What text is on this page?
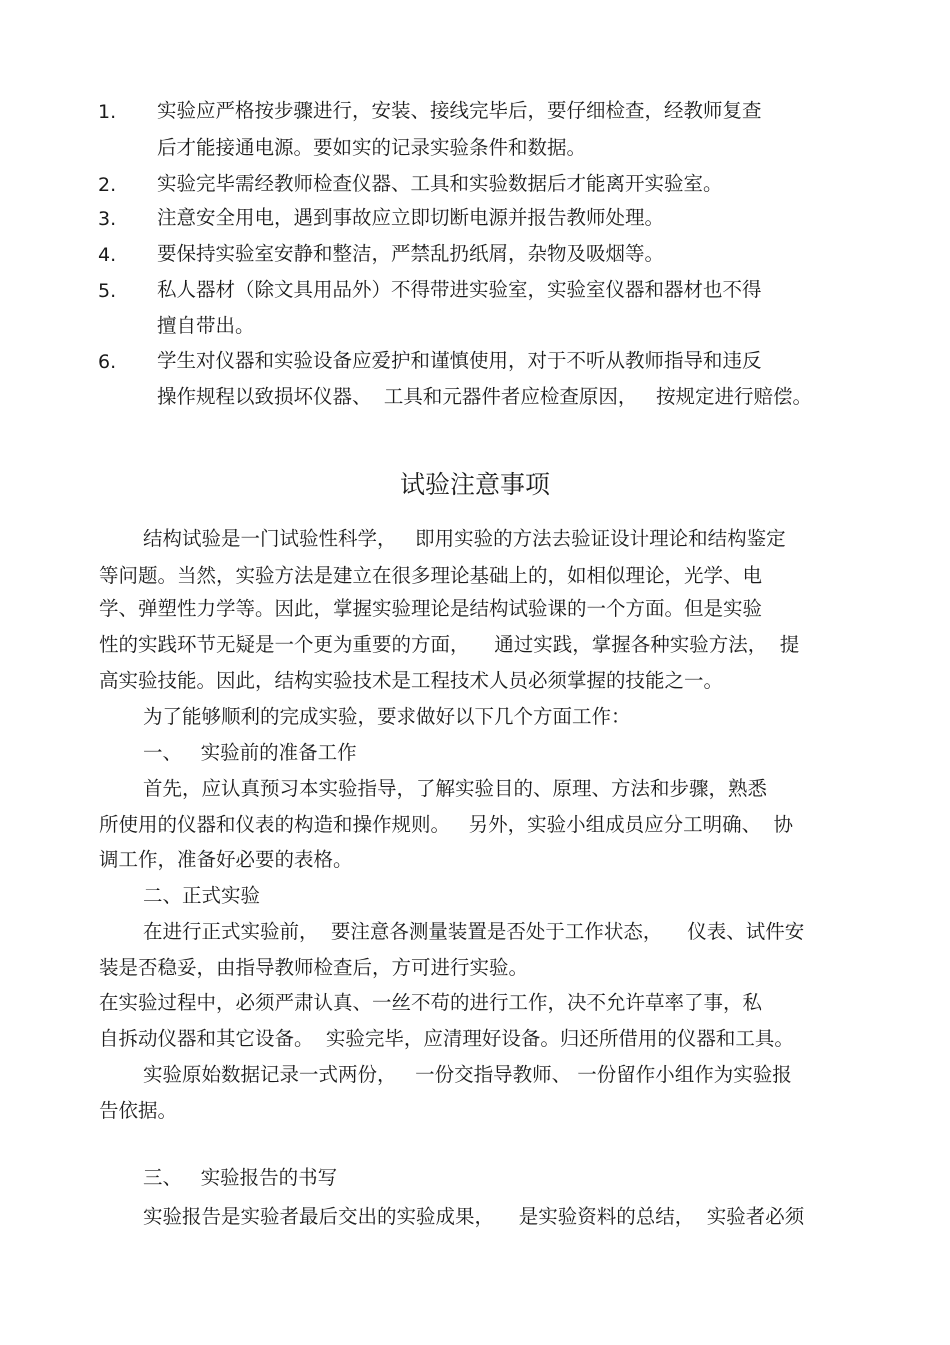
1. 实验应严格按步骤进行，安装、接线完毕后，要仔细检查，经教师复查
后才能接通电源。要如实的记录实验条件和数据。
2. 实验完毕需经教师检查仪器、工具和实验数据后才能离开实验室。
3. 注意安全用电，遇到事故应立即切断电源并报告教师处理。
4. 要保持实验室安静和整洁，严禁乱扔纸屑，杂物及吸烟等。
5. 私人器材（除文具用品外）不得带进实验室，实验室仪器和器材也不得
擅自带出。
6. 学生对仪器和实验设备应爱护和谨慎使用，对于不听从教师指导和违反
操作规程以致损坏仪器、  工具和元器件者应检查原因，   按规定进行赔偿。
试验注意事项
结构试验是一门试验性科学，   即用实验的方法去验证设计理论和结构鉴定
等问题。当然，实验方法是建立在很多理论基础上的，如相似理论，光学、电
学、弹塑性力学等。因此，掌握实验理论是结构试验课的一个方面。但是实验
性的实践环节无疑是一个更为重要的方面，    通过实践，掌握各种实验方法，  提
高实验技能。因此，结构实验技术是工程技术人员必须掌握的技能之一。
为了能够顺利的完成实验，要求做好以下几个方面工作：
一、   实验前的准备工作
首先，应认真预习本实验指导，了解实验目的、原理、方法和步骤，熟悉
所使用的仪器和仪表的构造和操作规则。   另外，实验小组成员应分工明确、  协
调工作，准备好必要的表格。
二、正式实验
在进行正式实验前，  要注意各测量装置是否处于工作状态，    仪表、试件安
装是否稳妥，由指导教师检查后，方可进行实验。
在实验过程中，必须严肃认真、一丝不苟的进行工作，决不允许草率了事，私
自拆动仪器和其它设备。  实验完毕，应清理好设备。归还所借用的仪器和工具。
实验原始数据记录一式两份，   一份交指导教师、 一份留作小组作为实验报
告依据。
三、   实验报告的书写
实验报告是实验者最后交出的实验成果，    是实验资料的总结，  实验者必须
